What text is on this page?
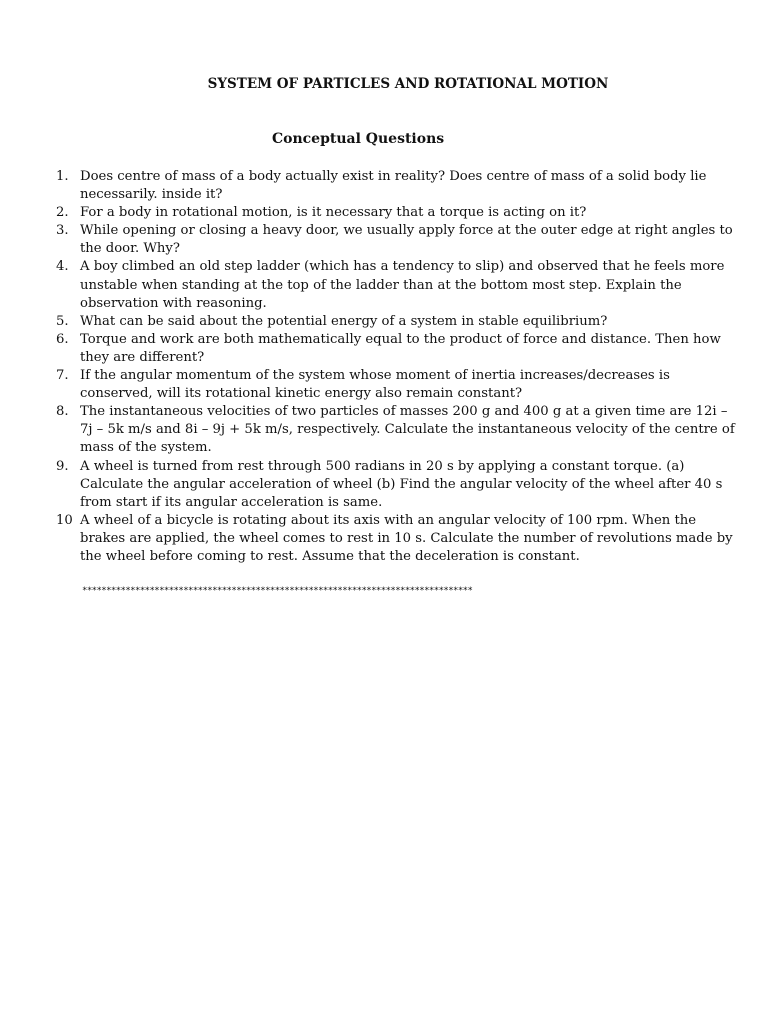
SYSTEM OF PARTICLES AND ROTATIONAL MOTION
Conceptual Questions
1. Does centre of mass of a body actually exist in reality? Does centre of mass of a solid body lie necessarily. inside it?
2. For a body in rotational motion, is it necessary that a torque is acting on it?
3. While opening or closing a heavy door, we usually apply force at the outer edge at right angles to the door. Why?
4. A boy climbed an old step ladder (which has a tendency to slip) and observed that he feels more unstable when standing at the top of the ladder than at the bottom most step. Explain the observation with reasoning.
5. What can be said about the potential energy of a system in stable equilibrium?
6. Torque and work are both mathematically equal to the product of force and distance. Then how they are different?
7. If the angular momentum of the system whose moment of inertia increases/decreases is conserved, will its rotational kinetic energy also remain constant?
8. The instantaneous velocities of two particles of masses 200 g and 400 g at a given time are 12i – 7j – 5k m/s and 8i – 9j + 5k m/s, respectively. Calculate the instantaneous velocity of the centre of mass of the system.
9. A wheel is turned from rest through 500 radians in 20 s by applying a constant torque. (a) Calculate the angular acceleration of wheel (b) Find the angular velocity of the wheel after 40 s from start if its angular acceleration is same.
10 A wheel of a bicycle is rotating about its axis with an angular velocity of 100 rpm. When the brakes are applied, the wheel comes to rest in 10 s. Calculate the number of revolutions made by the wheel before coming to rest. Assume that the deceleration is constant.
*********************************************************************************
